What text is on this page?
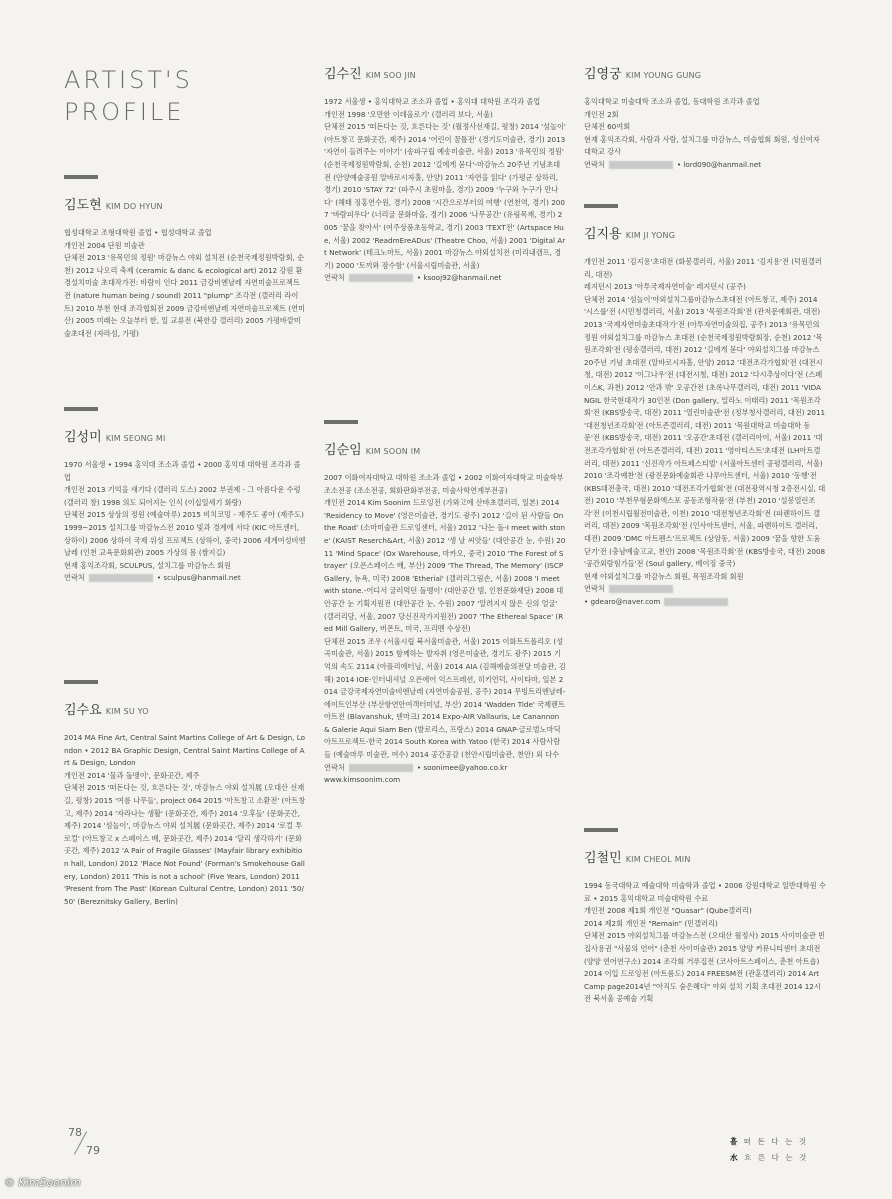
ARTIST'S
PROFILE

김도현 KIM DO HYUN

협성대학교 조형대학원 졸업 • 협성대학교 졸업
개인전 2004 단원 미술관
단체전 2013 '유목민의 정원' 마감뉴스 야외 설치전 (순천국제정원박람회, 순천) 2012 나오리 축제 (ceramic & danc & ecological art) 2012 강원 환경설치미술 초대작가전: 바람이 인다 2011 금강비엔날레 자연미술프로젝트전 (nature human being / sound) 2011 "plump" 조각전 (갤러리 라이트) 2010 부천 현대 조각협회전 2009 금강비엔날레 자연미술프로젝트 (연미산) 2005 미래는 오늘부터 한, 일 교류전 (북한강 갤러리) 2005 가평바깥미술초대전 (자라섬, 가평)

김성미 KIM SEONG MI

1970 서울생 • 1994 홍익대 조소과 졸업 • 2000 홍익대 대학원 조각과 졸업
개인전 2013 기억을 새기다 (갤러리 도스) 2002 부권제 - 그 아름다운 수렁 (갤러리 창) 1998 의도 되어지는 인식 (이십일세기 화랑)
단체전 2015 상상의 정원 (예술마루) 2015 비치코밍 - 재주도 좋아 (제주도) 1999~2015 설치그룹 마감뉴스전 2010 빛과 경계에 서다 (KIC 아트센터, 상하이) 2006 상하이 국제 위성 프로젝트 (상하이, 중국) 2006 세계여성비엔날레 (인천 교육문화회관) 2005 가상의 몸 (쌈지길)
현재 홍익조각회, SCULPUS, 설치그룹 마감뉴스 회원

연락처	• sculpus@hanmail.net

김수요 KIM SU YO

2014 MA Fine Art, Central Saint Martins College of Art & Design, London • 2012 BA Graphic Design, Central Saint Martins College of Art & Design, London
개인전 2014 '물과 돌멩이', 문화곳간, 제주
단체전 2015 '떠돈다는 것, 흐른다는 것', 마감뉴스 야외 설치展 (오대산 선재길, 평창) 2015 '여름 나무들', project 064 2015 '아트창고 소환전' (아트창고, 제주) 2014 '자라나는 생활' (문화곳간, 제주) 2014 '오후들' (문화곳간, 제주) 2014 '섬놀이', 마감뉴스 야외 설치展 (문화곳간, 제주) 2014 '로컬 투 로컬' (아트창고 x 스페이스 배, 문화곳간, 제주) 2014 '달리 생각하기' (문화곳간, 제주) 2012 'A Pair of Fragile Glasses' (Mayfair library exhibition hall, London) 2012 'Place Not Found' (Forman's Smokehouse Gallery, London) 2011 'This is not a school' (Five Years, London) 2011 'Present from The Past' (Korean Cultural Centre, London) 2011 '50/50' (Bereznitsky Gallery, Berlin)

김수진 KIM SOO JIN

1972 서울생 • 홍익대학교 조소과 졸업 • 홍익대 대학원 조각과 졸업
개인전 1998 '오만한 이데올로기' (갤러리 보다, 서울)
단체전 2015 '떠돈다는 것, 흐른다는 것' (월정사선재길, 평창) 2014 '섬놀이' (아트창고 문화곳간, 제주) 2014 '어린이 꿈틀전' (경기도미술관, 경기) 2013 '자연이 들려주는 이야기' (송파구립 예송미술관, 서울) 2013 '유목민의 정원' (순천국제정원박람회, 순천) 2012 '길에게 묻다'-마감뉴스 20주년 기념초대전 (안양예술공원 알바로시자홀, 안양) 2011 '자연을 읽다' (가평군 상하리, 경기) 2010 'STAY 72' (파주시 초원마을, 경기) 2009 '누구와 누구가 만나다' (해태 징홍연수원, 경기) 2008 '시간으로부터의 여행' (연천역, 경기) 2007 '바람피우다' (너리굴 문화마을, 경기) 2006 '나무공간' (유림목재, 경기) 2005 '꿈을 찾아서' (여주상품초등학교, 경기) 2003 'TEXT전' (Artspace Hue, 서울) 2002 'ReadmEreADus' (Theatre Choo, 서울) 2001 'Digital Art Network' (테크노마트, 서울) 2001 마감뉴스 야외설치전 (미리내캠프, 경기) 2000 '토끼와 잠수함' (서울시립미술관, 서울)

연락처	• ksooj92@hanmail.net

김순임 KIM SOON IM

2007 이화여자대학교 대학원 조소과 졸업 • 2002 이화여자대학교 미술학부 조소전공 (조소전공, 회화판화부전공, 미술사학연계부전공)
개인전 2014 Kim Soonim 드로잉전 (가와고에 산바초갤러리, 일본) 2014 'Residency to Move' (영은미술관, 경기도 광주) 2012 '길이 된 사람들 On the Road' (소마미술관 드로잉센터, 서울) 2012 '나는 돌-I meet with stone' (KAIST Reserch&Art, 서울) 2012 '생 날 씨앗들' (대안공간 눈, 수원) 2011 'Mind Space' (Ox Warehouse, 마카오, 중국) 2010 'The Forest of Strayer' (오픈스페이스 배, 부산) 2009 'The Thread, The Memory' (ISCP Gallery, 뉴욕, 미국) 2008 'Etherial' (갤러리그림손, 서울) 2008 'I meet with stone.-어디서 굴러먹던 돌멩이' (대안공간 빔, 인천문화재단) 2008 대안공간 눈 기획지원전 (대안공간 눈, 수원) 2007 '알려지지 않은 신의 얼굴' (갤러리담, 서울, 2007 당신진작가지원전) 2007 'The Ethereal Space' (Red Mill Gallery, 버몬트, 미국, 프리멘 수상전)
단체전 2015 조우 (서울시립 북서울미술관, 서울) 2015 이화트트폴리오 (성곡미술관, 서울) 2015 함께하는 발자취 (영은미술관, 경기도 광주) 2015 기억의 속도 2114 (아플리에터닝, 서울) 2014 AIA (김해예술의전당 미술관, 김해) 2014 IOE-인터내셔널 오픈에어 익스프레션, 히키언덕, 사이타마, 일본 2014 금강국제자연미술비엔날레 (자연미술공원, 공주) 2014 무빙트리엔날레-에이트인부산 (부산항연안여객터미널, 부산) 2014 'Wadden Tide' 국제렌트아트전 (Blavanshuk, 덴마크) 2014 Expo-AIR Vallauris, Le Canannon & Galerie Aqui Siam Ben (발로리스, 프랑스) 2014 GNAP-글로벌노마딕아트프로젝트-한국 2014 South Korea with Yatoo (한국) 2014 사람사람들 (예술마루 미술관, 여수) 2014 공간공감 (천안시립미술관, 천안) 외 다수

연락처	• soonimee@yahoo.co.kr

www.kimsoonim.com

김영궁 KIM YOUNG GUNG

홍익대학교 미술대학 조소과 졸업, 동대학원 조각과 졸업
개인전 2회
단체전 60여회
현재 홍익조각회, 사람과 사람, 설치그룹 마감뉴스, 미술협회 회원, 성신여자대학교 강사

연락처	• lord090@hanmail.net

김지용 KIM JI YONG

개인전 2011 '김지용'초대전 (화봉갤러리, 서울) 2011 '김지용'전 (덕원갤러리, 대전)
레지던시 2013 '아투국제자연미술' 레지던시 (공주)
단체전 2014 '섬놀이'야외설치그룹마감뉴스초대전 (아트창고, 제주) 2014 '시스룹'전 (시민청갤러리, 서울) 2013 '목원조각회'전 (관저문예회관, 대전) 2013 '국제자연미술초대작가'전 (아투자연미술의집, 공주) 2013 '유목민의 정원 야외설치그룹 마감뉴스 초대전 (순천국제정원박람회장, 순천) 2012 '목원조각회'전 (평송갤러리, 대전) 2012 '길에게 묻다' 야외설치그룹 마감뉴스 20주년 기념 초대전 (알바로시자홀, 안양) 2012 '대전조각가협회'전 (대전시청, 대전) 2012 '이그나우'전 (대전시청, 대전) 2012 '다시추상이다'전 (스페이스K, 과천) 2012 '안과 밖' 오공간전 (초록나무갤러리, 대전) 2011 'VIDANGIL 한국현대작가 30인전 (Don gallery, 밀라노 이태리) 2011 '목원조각회'전 (KBS방송국, 대전) 2011 '열린미술관'전 (정부청사갤러리, 대전) 2011 '대전청년조각회'전 (아트존갤러리, 대전) 2011 '목원대학교 미술대학 동문'전 (KBS방송국, 대전) 2011 '오공간'초대전 (갤러리아이, 서울) 2011 '대전조각가협회'전 (아트존갤러리, 대전) 2011 '영아티스트'초대전 (LH아트갤러리, 대전) 2011 '신진작가 아트페스티벌' (서울아트센터 공평갤러리, 서울) 2010 '조각예찬'전 (광진문화예술회관 나루아트센터, 서울) 2010 '동행'전 (KBS대전총국, 대전) 2010 '대전조각가협회'전 (대전광역시청 2층전시실, 대전) 2010 '부천무형문화엑스포 공동조형작품'전 (부천) 2010 '설봉열린조각'전 (이천시립월전미술관, 이천) 2010 '대전청년조각회'전 (파렌하이트 갤러리, 대전) 2009 '목원조각회'전 (인사아트센터, 서울, 파렌하이트 갤러리, 대전) 2009 'DMC 아트펜스'프로젝트 (상암동, 서울) 2009 '꿈을 향한 도움닫기'전 (충남예술고교, 천안) 2008 '목원조각회'전 (KBS방송국, 대전) 2008 '공간외람힘가들'전 (Soul gallery, 베이징 중국)
현재 야외설치그룹 마감뉴스 회원, 목원조각회 회원

연락처

• gdearo@naver.com

김철민 KIM CHEOL MIN

1994 동국대학교 예술대학 미술학과 졸업 • 2006 강원대학교 일반대학원 수료 • 2015 홍익대학교 미술대학원 수료
개인전 2008 제1회 개인전 "Quasar" (Qube갤러리)
2014 제2회 개인전 "Remain" (민갤러리)
단체전 2015 야외설치그룹 마감뉴스전 (오대산 월정사) 2015 사이미술관 빈집사용권 "사물의 언어" (춘천 사이미술관) 2015 양양 커뮤니티센터 초대전 (양양 연어연구소) 2014 조각회 거푸집전 (코사아트스페이스, 춘천 아트숍) 2014 이입 드로잉전 (아트룸도) 2014 FREESM전 (관훈갤러리) 2014 Art Camp page2014년 "아직도 숨은혜다" 야외 설치 기획 초대전 2014 12시전 북서울 공예술 기획

78
79
흘 떠 돈 다 는 것
水 흐 른 다 는 것
© KimSoonim
